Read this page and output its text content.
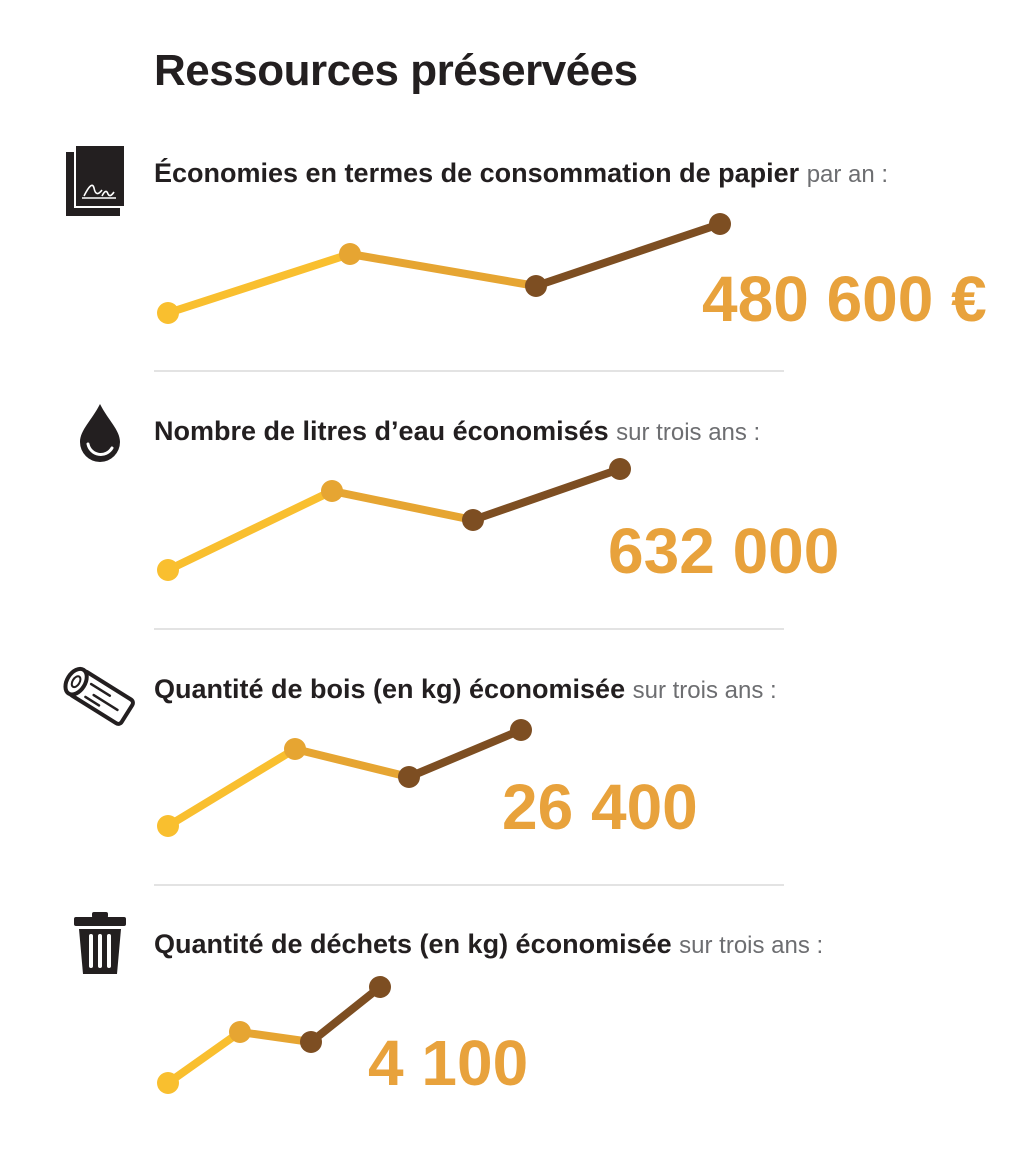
Ressources préservées

Économies en termes de consommation de papier par an :

480 600 €

Nombre de litres d’eau économisés sur trois ans :

632 000

Quantité de bois (en kg) économisée sur trois ans :

26 400

Quantité de déchets (en kg) économisée sur trois ans :

4 100
